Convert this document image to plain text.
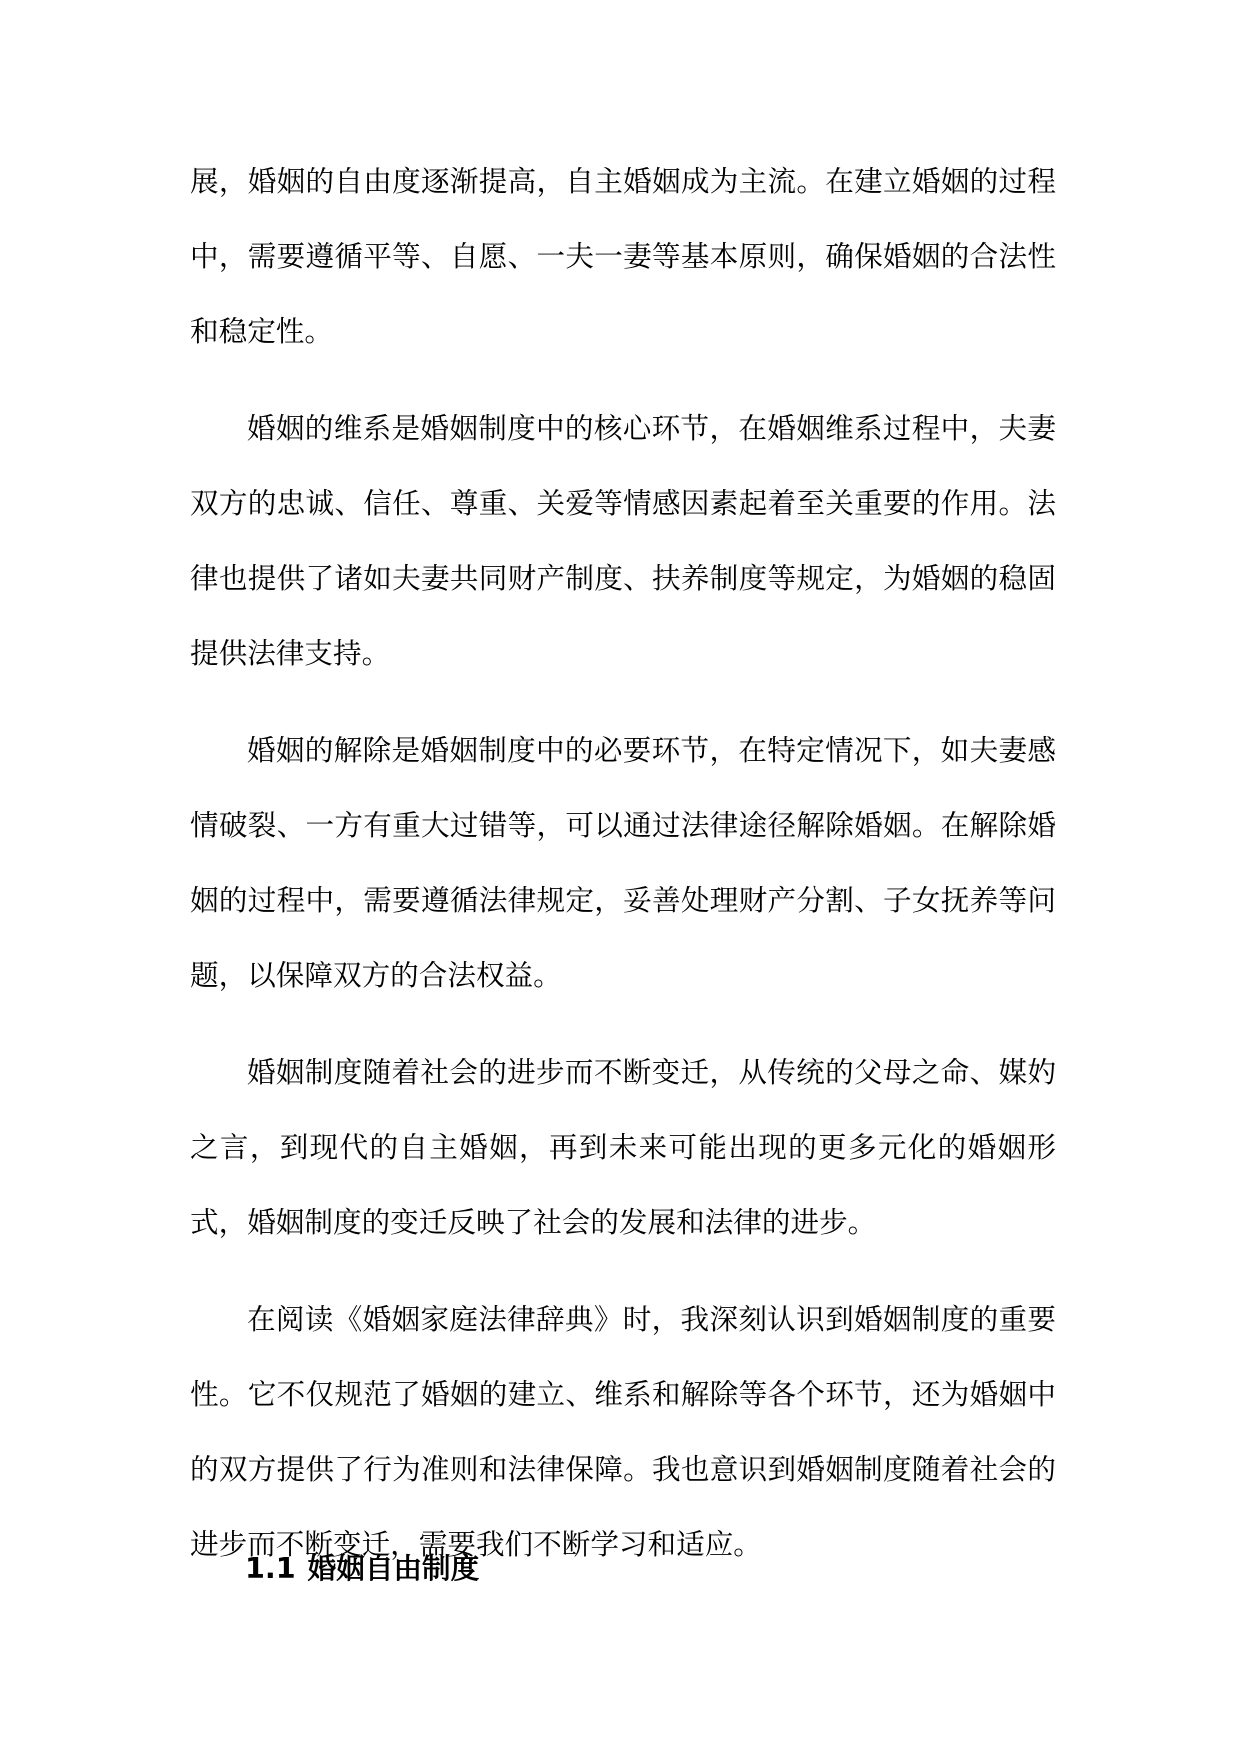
展，婚姻的自由度逐渐提高，自主婚姻成为主流。在建立婚姻的过程中，需要遵循平等、自愿、一夫一妻等基本原则，确保婚姻的合法性和稳定性。

婚姻的维系是婚姻制度中的核心环节，在婚姻维系过程中，夫妻双方的忠诚、信任、尊重、关爱等情感因素起着至关重要的作用。法律也提供了诸如夫妻共同财产制度、扶养制度等规定，为婚姻的稳固提供法律支持。

婚姻的解除是婚姻制度中的必要环节，在特定情况下，如夫妻感情破裂、一方有重大过错等，可以通过法律途径解除婚姻。在解除婚姻的过程中，需要遵循法律规定，妥善处理财产分割、子女抚养等问题，以保障双方的合法权益。

婚姻制度随着社会的进步而不断变迁，从传统的父母之命、媒妁之言，到现代的自主婚姻，再到未来可能出现的更多元化的婚姻形式，婚姻制度的变迁反映了社会的发展和法律的进步。

在阅读《婚姻家庭法律辞典》时，我深刻认识到婚姻制度的重要性。它不仅规范了婚姻的建立、维系和解除等各个环节，还为婚姻中的双方提供了行为准则和法律保障。我也意识到婚姻制度随着社会的进步而不断变迁，需要我们不断学习和适应。

1.1 婚姻自由制度
